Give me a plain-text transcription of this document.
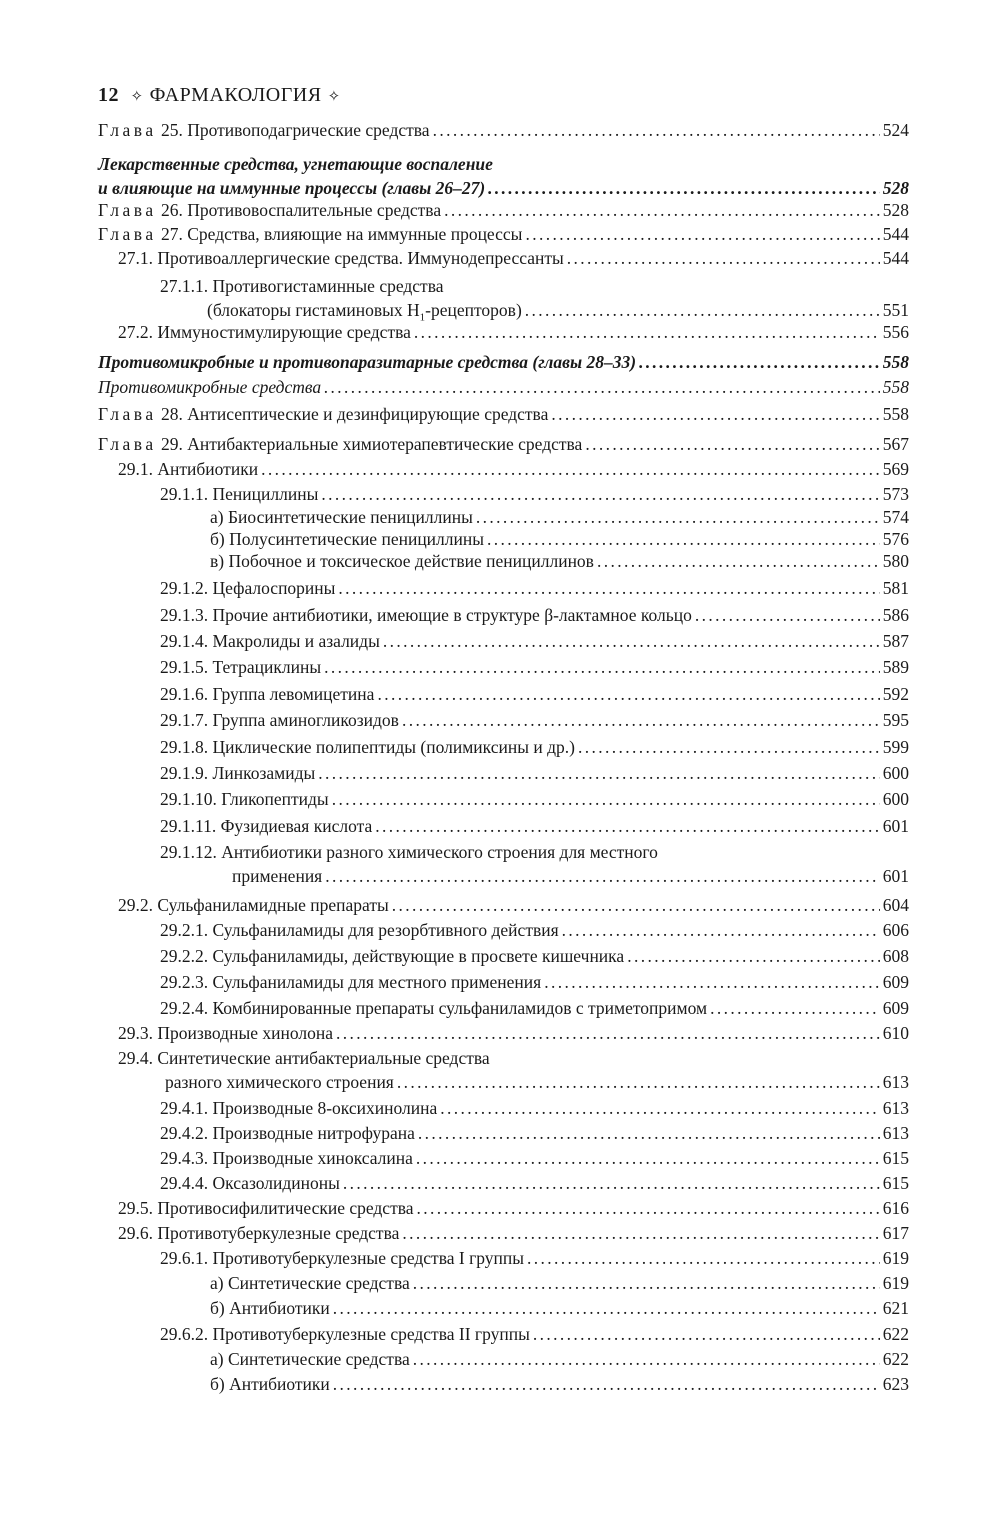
12 ✧ ФАРМАКОЛОГИЯ ✧
Глава 25. Противоподагрические средства . . .	524
Лекарственные средства, угнетающие воспаление
и влияющие на иммунные процессы (главы 26–27) . . .	528
Глава 26. Противовоспалительные средства . . .	528
Глава 27. Средства, влияющие на иммунные процессы . . .	544
27.1. Противоаллергические средства. Иммунодепрессанты . . .	544
27.1.1. Противогистаминные средства
(блокаторы гистаминовых $H_1-рецепторов$) . . .	551
27.2. Иммуностимулирующие средства . . .	556
Противомикробные и противопаразитарные средства (главы 28–33) . . .	558
Противомикробные средства . . .	558
Глава 28. Антисептические и дезинфицирующие средства . . .	558
Глава 29. Антибактериальные химиотерапевтические средства . . .	567
29.1. Антибиотики . . .	569
29.1.1. Пенициллины . . .	573
а) Биосинтетические пенициллины . . .	574
б) Полусинтетические пенициллины . . .	576
в) Побочное и токсическое действие пенициллинов . . .	580
29.1.2. Цефалоспорины . . .	581
29.1.3. Прочие антибиотики, имеющие в структуре β-лактамное кольцо . . .	586
29.1.4. Макролиды и азалиды . . .	587
29.1.5. Тетрациклины . . .	589
29.1.6. Группа левомицетина . . .	592
29.1.7. Группа аминогликозидов . . .	595
29.1.8. Циклические полипептиды (полимиксины и др.) . . .	599
29.1.9. Линкозамиды . . .	600
29.1.10. Гликопептиды . . .	600
29.1.11. Фузидиевая кислота . . .	601
29.1.12. Антибиотики разного химического строения для местного
применения . . .	601
29.2. Сульфаниламидные препараты . . .	604
29.2.1. Сульфаниламиды для резорбтивного действия . . .	606
29.2.2. Сульфаниламиды, действующие в просвете кишечника . . .	608
29.2.3. Сульфаниламиды для местного применения . . .	609
29.2.4. Комбинированные препараты сульфаниламидов с триметопримом . . .	609
29.3. Производные хинолона . . .	610
29.4. Синтетические антибактериальные средства
разного химического строения . . .	613
29.4.1. Производные 8-оксихинолина . . .	613
29.4.2. Производные нитрофурана . . .	613
29.4.3. Производные хиноксалина . . .	615
29.4.4. Оксазолидиноны . . .	615
29.5. Противосифилитические средства . . .	616
29.6. Противотуберкулезные средства . . .	617
29.6.1. Противотуберкулезные средства I группы . . .	619
а) Синтетические средства . . .	619
б) Антибиотики . . .	621
29.6.2. Противотуберкулезные средства II группы . . .	622
а) Синтетические средства . . .	622
б) Антибиотики . . .	623
